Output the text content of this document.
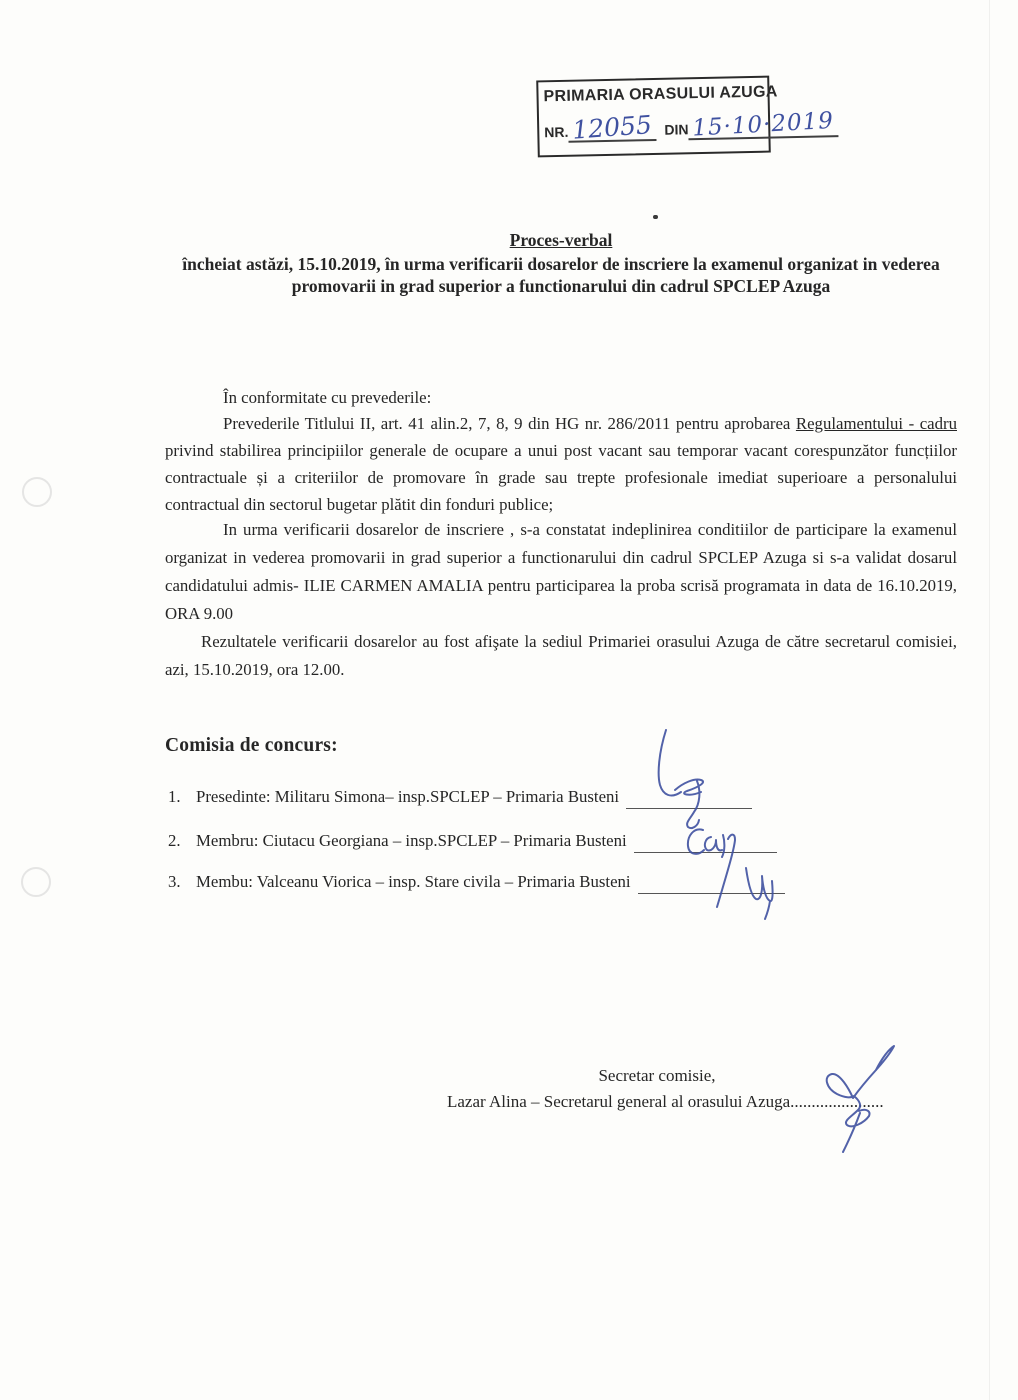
PRIMARIA ORASULUI AZUGA
NR. 12055 DIN 15·10·2019
Proces-verbal
încheiat astăzi, 15.10.2019, în urma verificarii dosarelor de inscriere la examenul organizat in vederea promovarii in grad superior a functionarului din cadrul SPCLEP Azuga
În conformitate cu prevederile:
Prevederile Titlului II, art. 41 alin.2, 7, 8, 9 din HG nr. 286/2011 pentru aprobarea Regulamentului - cadru privind stabilirea principiilor generale de ocupare a unui post vacant sau temporar vacant corespunzător funcțiilor contractuale și a criteriilor de promovare în grade sau trepte profesionale imediat superioare a personalului contractual din sectorul bugetar plătit din fonduri publice;
In urma verificarii dosarelor de inscriere , s-a constatat indeplinirea conditiilor de participare la examenul organizat in vederea promovarii in grad superior a functionarului din cadrul SPCLEP Azuga si s-a validat dosarul candidatului admis- ILIE CARMEN AMALIA pentru participarea la proba scrisă programata in data de 16.10.2019, ORA 9.00
Rezultatele verificarii dosarelor au fost afişate la sediul Primariei orasului Azuga de către secretarul comisiei, azi, 15.10.2019, ora 12.00.
Comisia de concurs:
1. Presedinte: Militaru Simona– insp.SPCLEP – Primaria Busteni
2. Membru: Ciutacu Georgiana – insp.SPCLEP – Primaria Busteni
3. Membu: Valceanu Viorica – insp. Stare civila – Primaria Busteni
Secretar comisie,
Lazar Alina – Secretarul general al orasului Azuga......................
